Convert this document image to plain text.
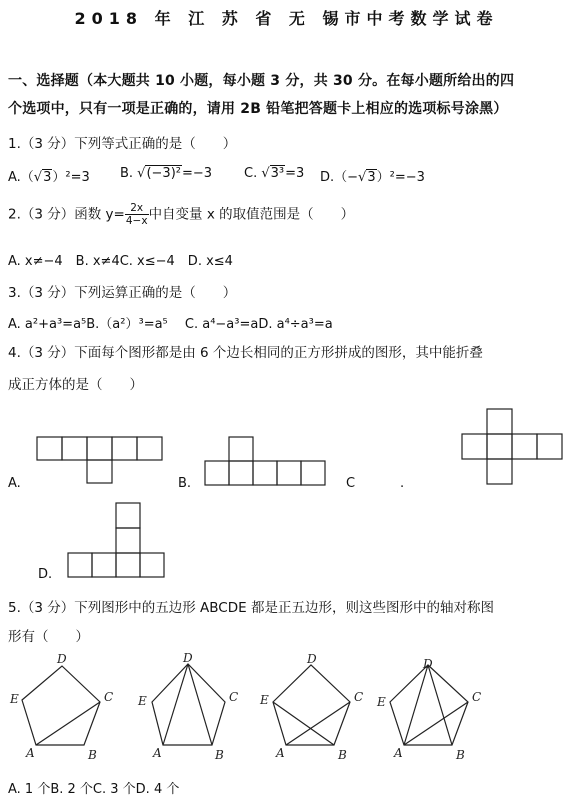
2018 年 江 苏 省 无 锡市中考数学试卷
一、选择题（本大题共 10 小题，每小题 3 分，共 30 分。在每小题所给出的四
个选项中，只有一项是正确的，请用 2B 铅笔把答题卡上相应的选项标号涂黑）
1.（3 分）下列等式正确的是（　　）
A.（√3）²=3 B. √(−3)²=−3 C. √3³=3 D.（−√3）²=−3
2.（3 分）函数 $y= \frac{2x}{4-x}$ 中自变量 x 的取值范围是（　　）
A. x≠−4　B. x≠4C. x≤−4　D. x≤4
3.（3 分）下列运算正确的是（　　）
A. a²+a³=a⁵B.（a²）³=a⁵　 C. a⁴−a³=aD. a⁴÷a³=a
4.（3 分）下面每个图形都是由 6 个边长相同的正方形拼成的图形，其中能折叠
成正方体的是（　　）
A.	B.	C	.
D.
5.（3 分）下列图形中的五边形 ABCDE 都是正五边形，则这些图形中的轴对称图
形有（　　）
A	B
C
D
E
A	B
C
D
E
A	B
C
D
E
A	B
C
D
E
A. 1 个B. 2 个C. 3 个D. 4 个
